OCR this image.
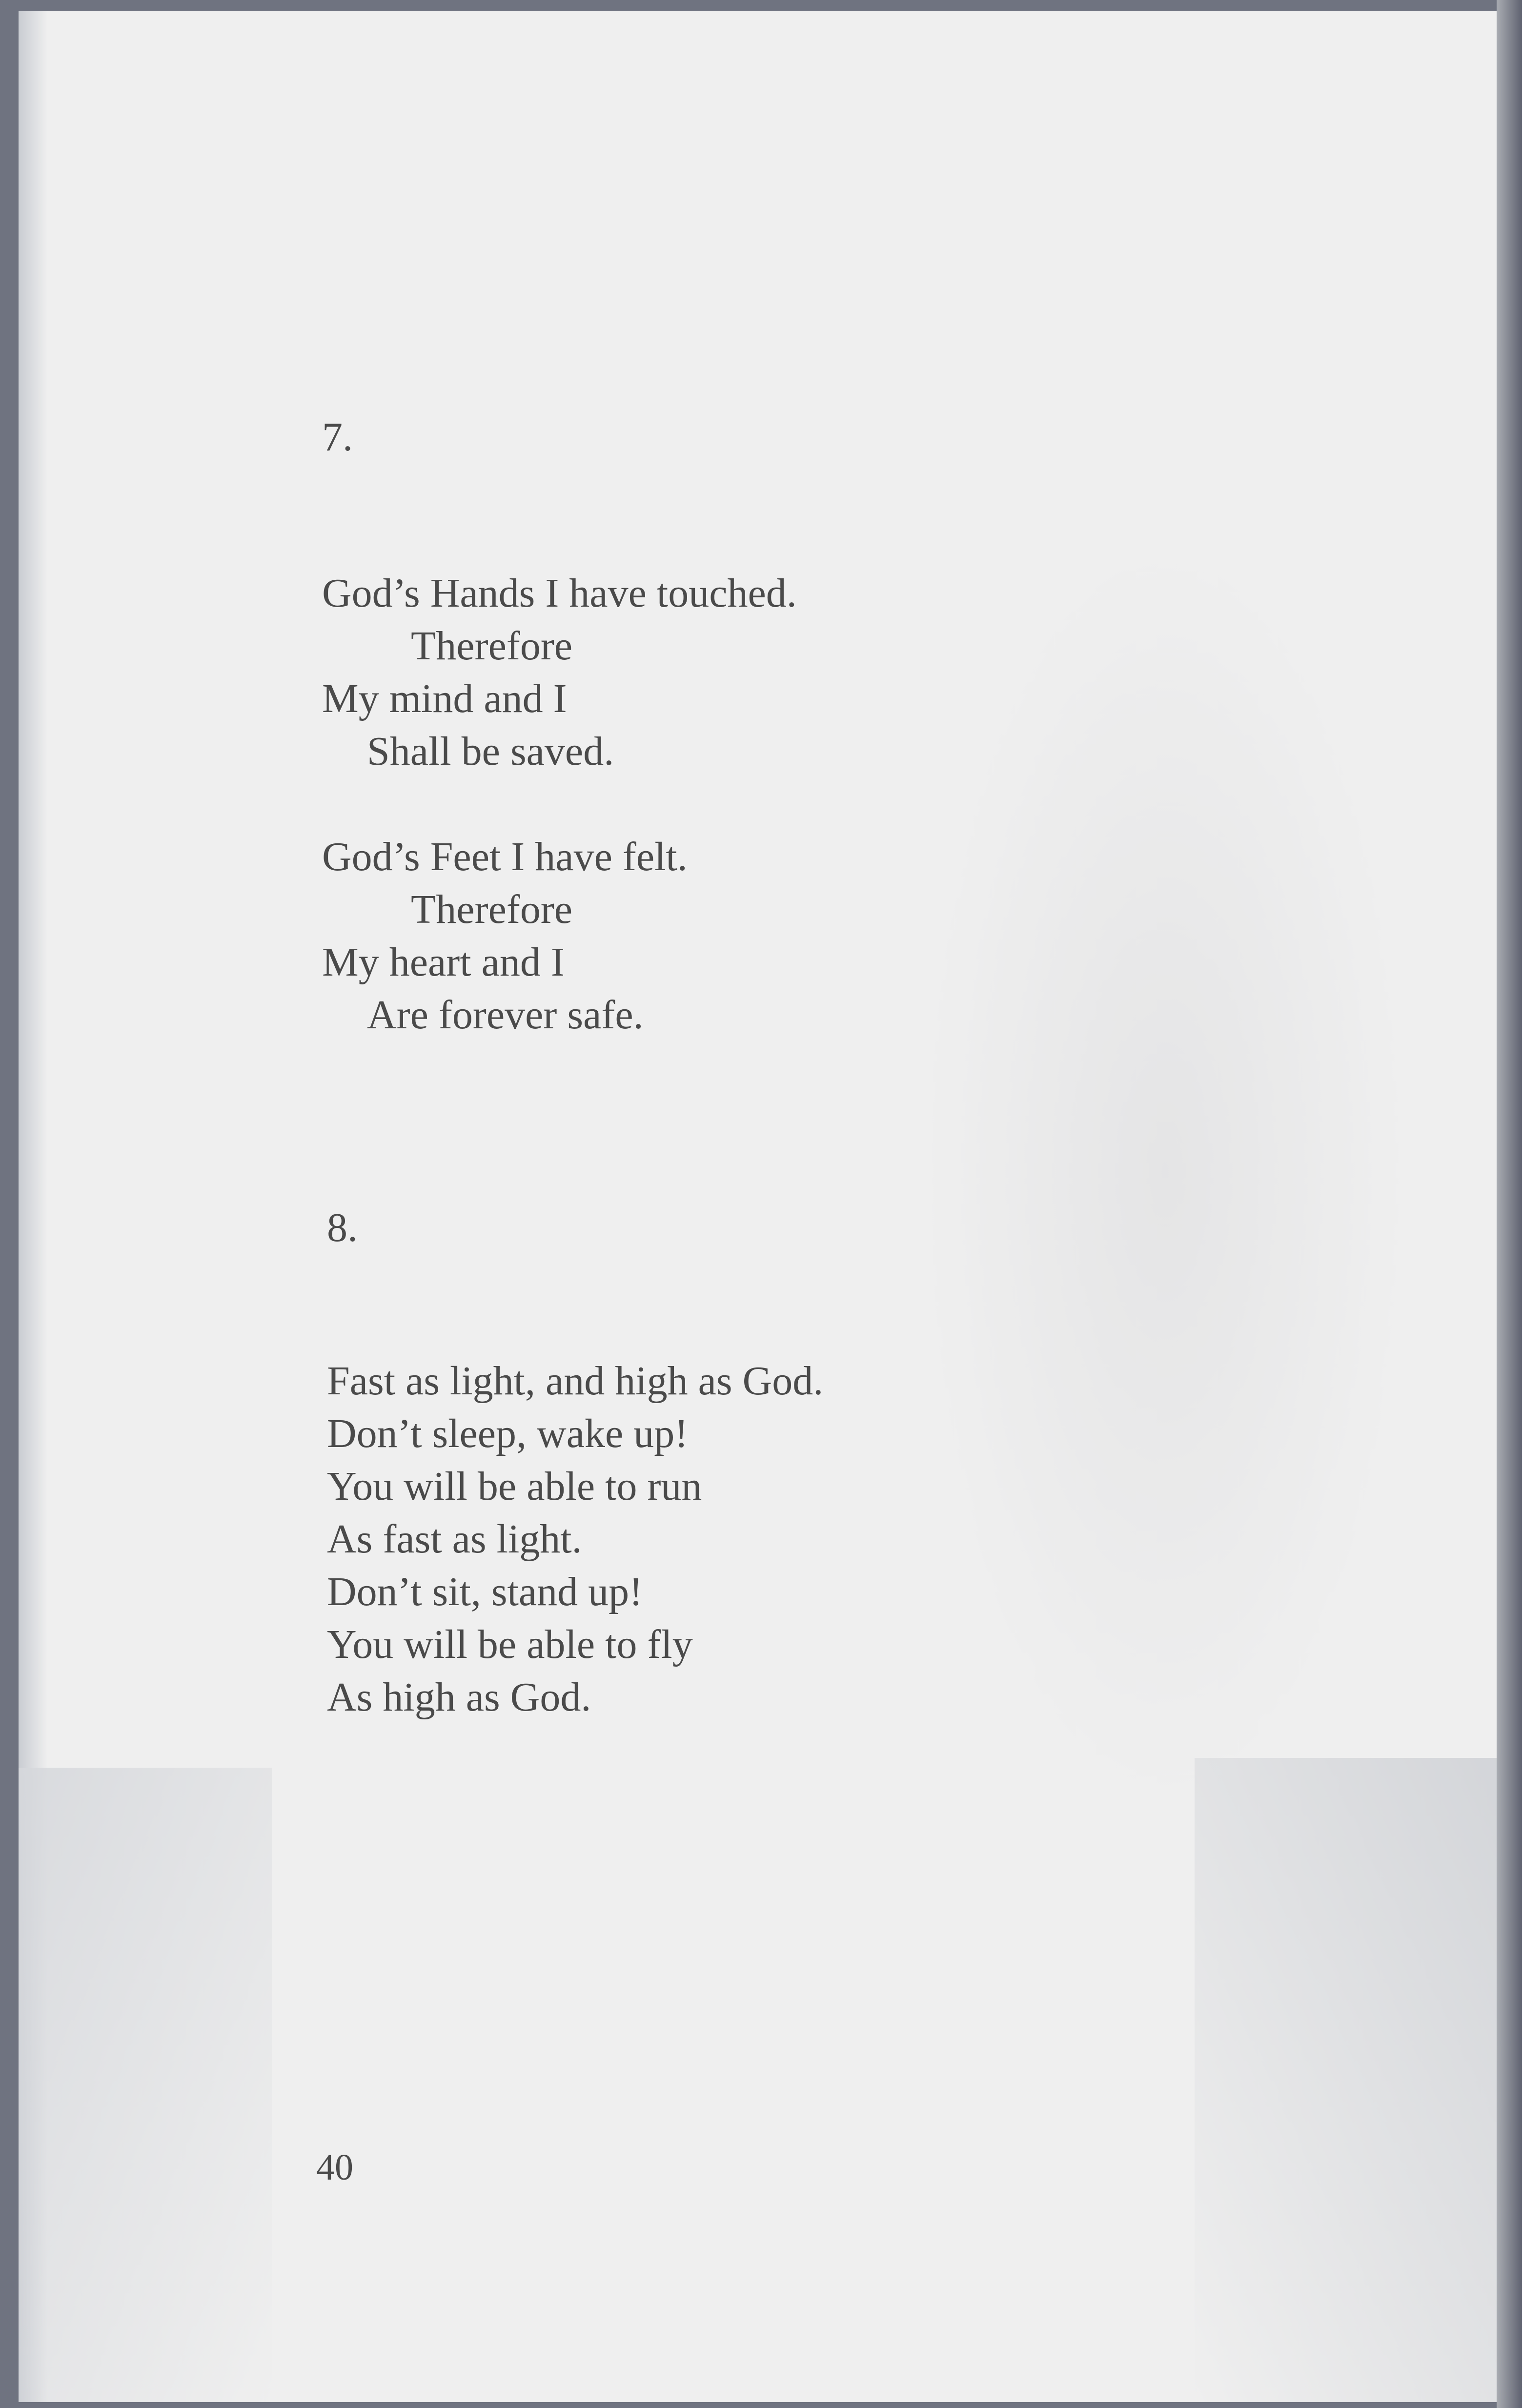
7.

God’s Hands I have touched.
Therefore
My mind and I
Shall be saved.
God’s Feet I have felt.
Therefore
My heart and I
Are forever safe.

8.

Fast as light, and high as God.
Don’t sleep, wake up!
You will be able to run
As fast as light.
Don’t sit, stand up!
You will be able to fly
As high as God.

40
